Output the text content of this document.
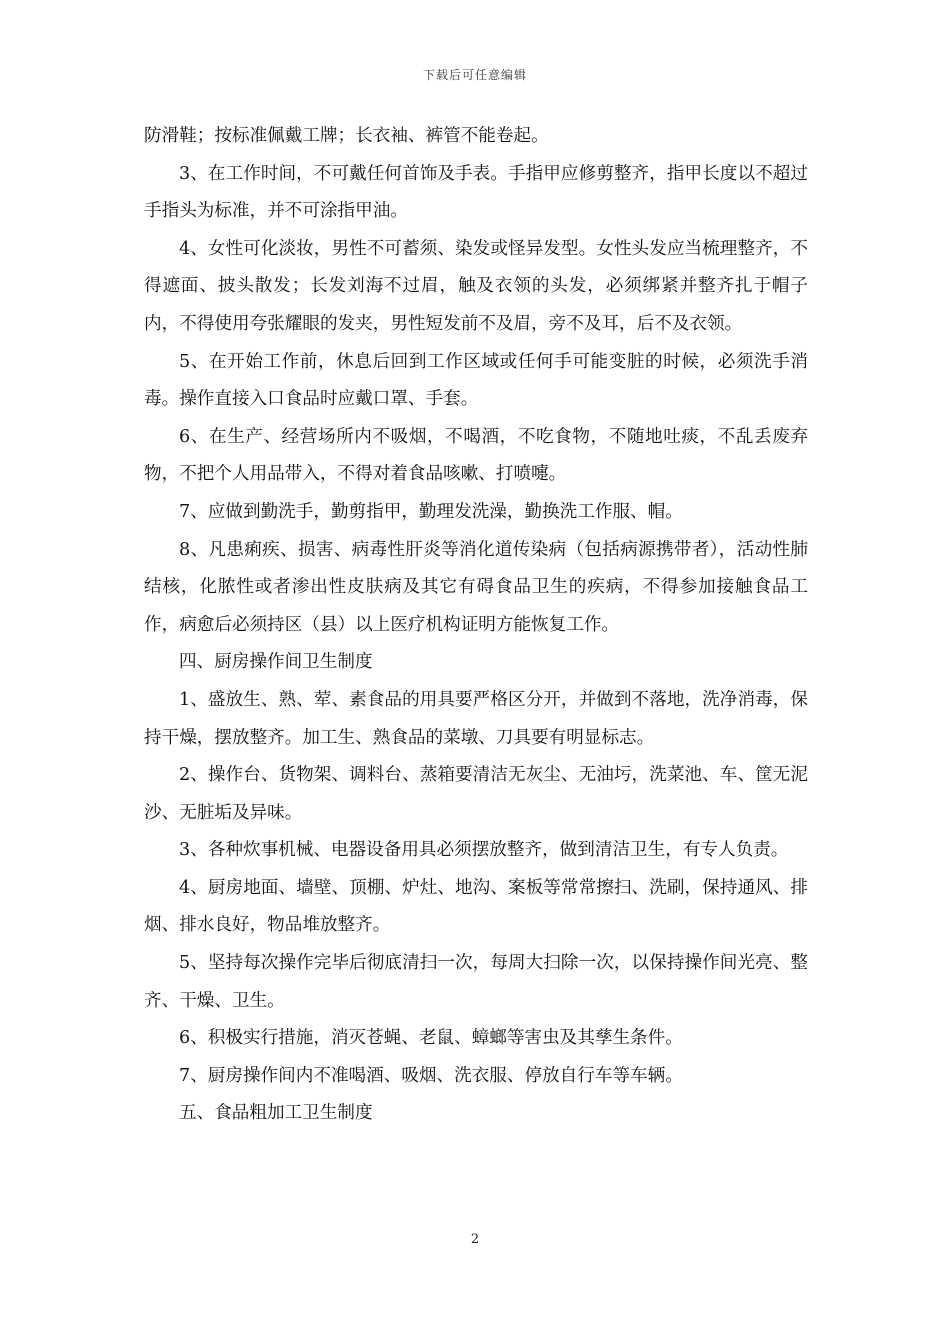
下载后可任意编辑

防滑鞋；按标准佩戴工牌；长衣袖、裤管不能卷起。

3、在工作时间，不可戴任何首饰及手表。手指甲应修剪整齐，指甲长度以不超过手指头为标准，并不可涂指甲油。

4、女性可化淡妆，男性不可蓄须、染发或怪异发型。女性头发应当梳理整齐，不得遮面、披头散发；长发刘海不过眉，触及衣领的头发，必须绑紧并整齐扎于帽子内，不得使用夸张耀眼的发夹，男性短发前不及眉，旁不及耳，后不及衣领。

5、在开始工作前，休息后回到工作区域或任何手可能变脏的时候，必须洗手消毒。操作直接入口食品时应戴口罩、手套。

6、在生产、经营场所内不吸烟，不喝酒，不吃食物，不随地吐痰，不乱丢废弃物，不把个人用品带入，不得对着食品咳嗽、打喷嚏。

7、应做到勤洗手，勤剪指甲，勤理发洗澡，勤换洗工作服、帽。

8、凡患痢疾、损害、病毒性肝炎等消化道传染病（包括病源携带者），活动性肺结核，化脓性或者渗出性皮肤病及其它有碍食品卫生的疾病，不得参加接触食品工作，病愈后必须持区（县）以上医疗机构证明方能恢复工作。

四、厨房操作间卫生制度

1、盛放生、熟、荤、素食品的用具要严格区分开，并做到不落地，洗净消毒，保持干燥，摆放整齐。加工生、熟食品的菜墩、刀具要有明显标志。

2、操作台、货物架、调料台、蒸箱要清洁无灰尘、无油圬，洗菜池、车、筐无泥沙、无脏垢及异味。

3、各种炊事机械、电器设备用具必须摆放整齐，做到清洁卫生，有专人负责。

4、厨房地面、墙壁、顶棚、炉灶、地沟、案板等常常擦扫、洗刷，保持通风、排烟、排水良好，物品堆放整齐。

5、坚持每次操作完毕后彻底清扫一次，每周大扫除一次，以保持操作间光亮、整齐、干燥、卫生。

6、积极实行措施，消灭苍蝇、老鼠、蟑螂等害虫及其孳生条件。

7、厨房操作间内不准喝酒、吸烟、洗衣服、停放自行车等车辆。

五、食品粗加工卫生制度

2
